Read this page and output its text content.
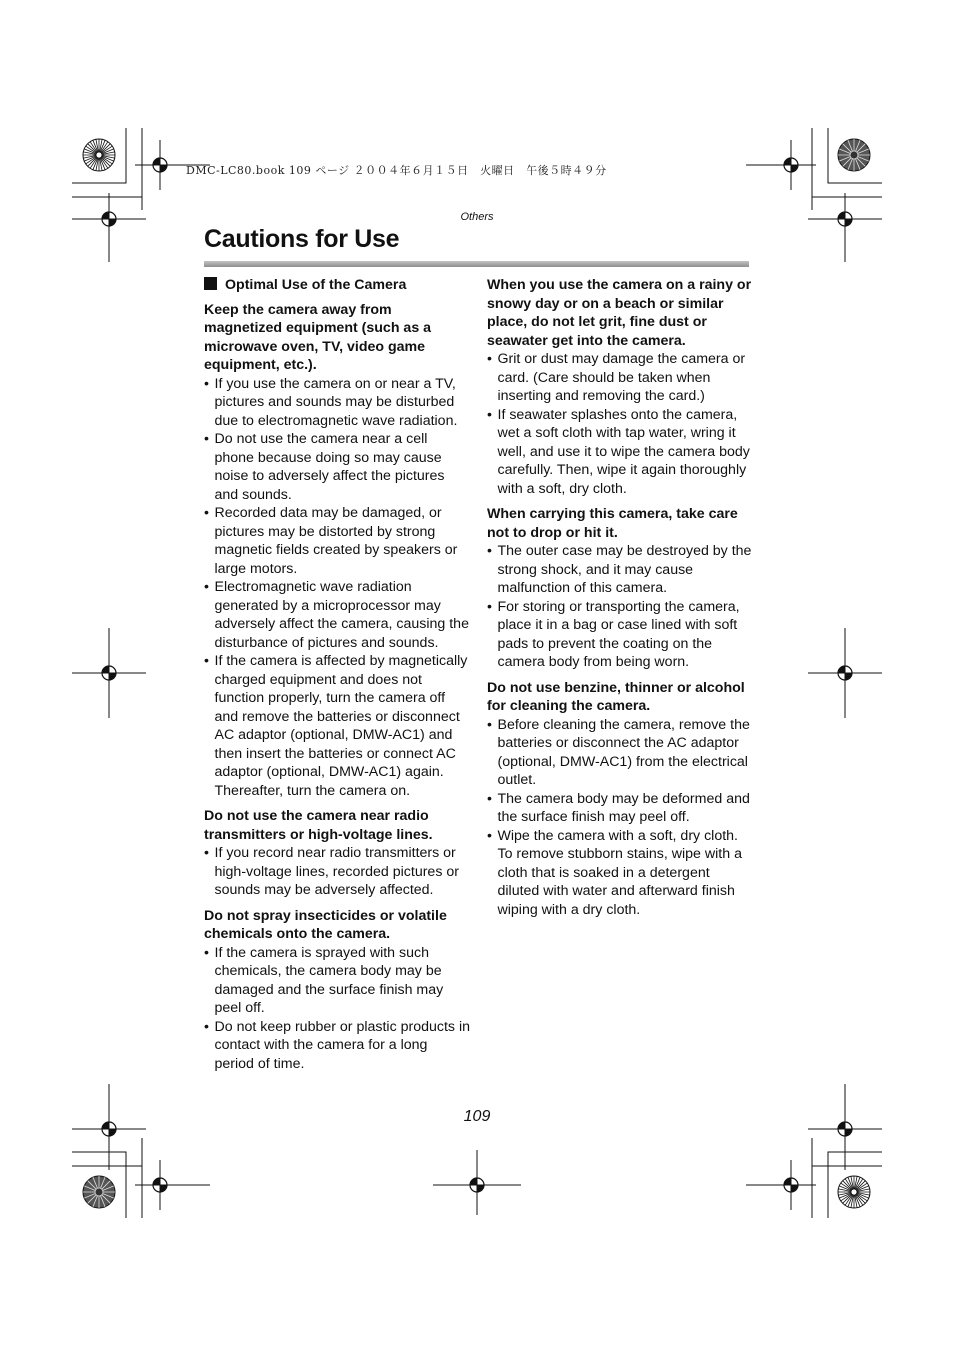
DMC-LC80.book 109 ページ ２００４年６月１５日　火曜日　午後５時４９分
Others
Cautions for Use

Optimal Use of the Camera

Keep the camera away from magnetized equipment (such as a microwave oven, TV, video game equipment, etc.).

• If you use the camera on or near a TV, pictures and sounds may be disturbed due to electromagnetic wave radiation.
• Do not use the camera near a cell phone because doing so may cause noise to adversely affect the pictures and sounds.
• Recorded data may be damaged, or pictures may be distorted by strong magnetic fields created by speakers or large motors.
• Electromagnetic wave radiation generated by a microprocessor may adversely affect the camera, causing the disturbance of pictures and sounds.
• If the camera is affected by magnetically charged equipment and does not function properly, turn the camera off and remove the batteries or disconnect AC adaptor (optional, DMW-AC1) and then insert the batteries or connect AC adaptor (optional, DMW-AC1) again. Thereafter, turn the camera on.

Do not use the camera near radio transmitters or high-voltage lines.

• If you record near radio transmitters or high-voltage lines, recorded pictures or sounds may be adversely affected.

Do not spray insecticides or volatile chemicals onto the camera.

• If the camera is sprayed with such chemicals, the camera body may be damaged and the surface finish may peel off.
• Do not keep rubber or plastic products in contact with the camera for a long period of time.

When you use the camera on a rainy or snowy day or on a beach or similar place, do not let grit, fine dust or seawater get into the camera.

• Grit or dust may damage the camera or card. (Care should be taken when inserting and removing the card.)
• If seawater splashes onto the camera, wet a soft cloth with tap water, wring it well, and use it to wipe the camera body carefully. Then, wipe it again thoroughly with a soft, dry cloth.

When carrying this camera, take care not to drop or hit it.

• The outer case may be destroyed by the strong shock, and it may cause malfunction of this camera.
• For storing or transporting the camera, place it in a bag or case lined with soft pads to prevent the coating on the camera body from being worn.

Do not use benzine, thinner or alcohol for cleaning the camera.

• Before cleaning the camera, remove the batteries or disconnect the AC adaptor (optional, DMW-AC1) from the electrical outlet.
• The camera body may be deformed and the surface finish may peel off.
• Wipe the camera with a soft, dry cloth. To remove stubborn stains, wipe with a cloth that is soaked in a detergent diluted with water and afterward finish wiping with a dry cloth.
109
